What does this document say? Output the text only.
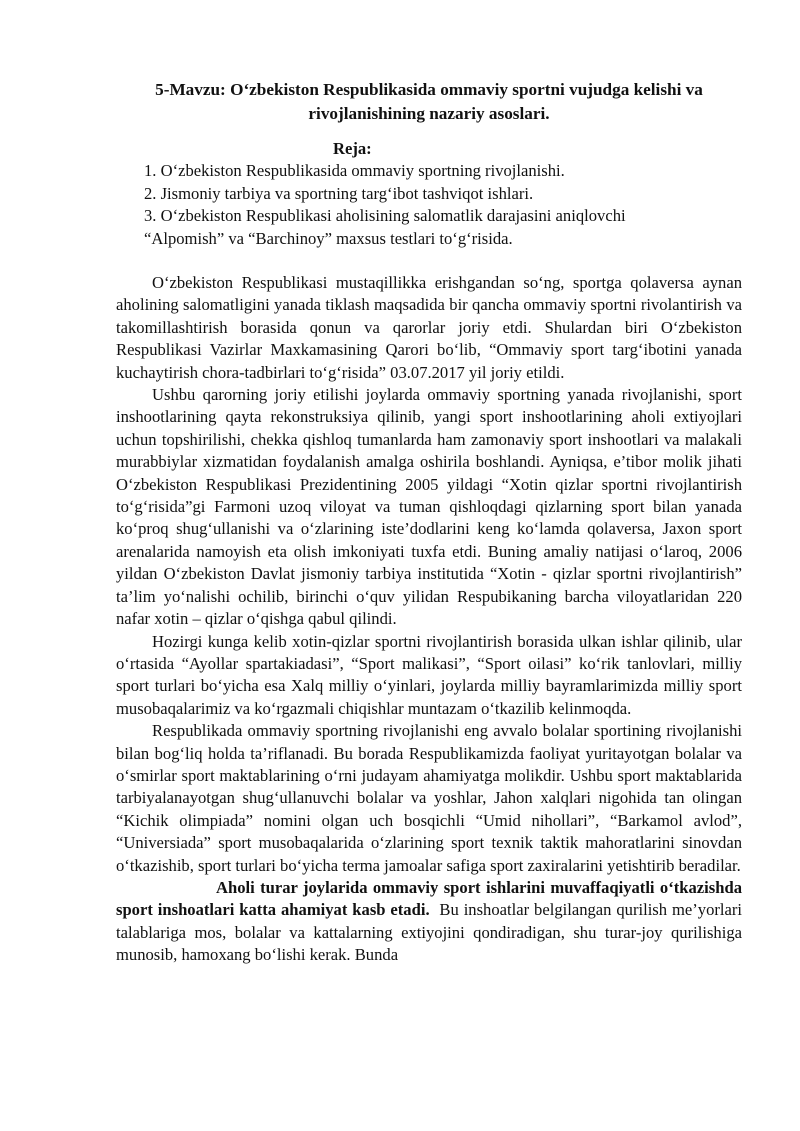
5-Mavzu: O‘zbekiston Respublikasida ommaviy sportni vujudga kelishi va rivojlanishining nazariy asoslari.
Reja:
1. O‘zbekiston Respublikasida ommaviy sportning rivojlanishi.
2. Jismoniy tarbiya va sportning targ‘ibot tashviqot ishlari.
3. O‘zbekiston Respublikasi aholisining salomatlik darajasini aniqlovchi
“Alpomish” va “Barchinoy” maxsus testlari to‘g‘risida.

O‘zbekiston Respublikasi mustaqillikka erishgandan so‘ng, sportga qolaversa aynan aholining salomatligini yanada tiklash maqsadida bir qancha ommaviy sportni rivolantirish va takomillashtirish borasida qonun va qarorlar joriy etdi. Shulardan biri O‘zbekiston Respublikasi Vazirlar Maxkamasining Qarori bo‘lib, “Ommaviy sport targ‘ibotini yanada kuchaytirish chora-tadbirlari to‘g‘risida” 03.07.2017 yil joriy etildi.

Ushbu qarorning joriy etilishi joylarda ommaviy sportning yanada rivojlanishi, sport inshootlarining qayta rekonstruksiya qilinib, yangi sport inshootlarining aholi extiyojlari uchun topshirilishi, chekka qishloq tumanlarda ham zamonaviy sport inshootlari va malakali murabbiylar xizmatidan foydalanish amalga oshirila boshlandi. Ayniqsa, e’tibor molik jihati O‘zbekiston Respublikasi Prezidentining 2005 yildagi “Xotin qizlar sportni rivojlantirish to‘g‘risida”gi Farmoni uzoq viloyat va tuman qishloqdagi qizlarning sport bilan yanada ko‘proq shug‘ullanishi va o‘zlarining iste’dodlarini keng ko‘lamda qolaversa, Jaxon sport arenalarida namoyish eta olish imkoniyati tuxfa etdi. Buning amaliy natijasi o‘laroq, 2006 yildan O‘zbekiston Davlat jismoniy tarbiya institutida “Xotin - qizlar sportni rivojlantirish” ta’lim yo‘nalishi ochilib, birinchi o‘quv yilidan Respubikaning barcha viloyatlaridan 220 nafar xotin – qizlar o‘qishga qabul qilindi.

Hozirgi kunga kelib xotin-qizlar sportni rivojlantirish borasida ulkan ishlar qilinib, ular o‘rtasida “Ayollar spartakiadasi”, “Sport malikasi”, “Sport oilasi” ko‘rik tanlovlari, milliy sport turlari bo‘yicha esa Xalq milliy o‘yinlari, joylarda milliy bayramlarimizda milliy sport musobaqalarimiz va ko‘rgazmali chiqishlar muntazam o‘tkazilib kelinmoqda.

Respublikada ommaviy sportning rivojlanishi eng avvalo bolalar sportining rivojlanishi bilan bog‘liq holda ta’riflanadi. Bu borada Respublikamizda faoliyat yuritayotgan bolalar va o‘smirlar sport maktablarining o‘rni judayam ahamiyatga molikdir. Ushbu sport maktablarida tarbiyalanayotgan shug‘ullanuvchi bolalar va yoshlar, Jahon xalqlari nigohida tan olingan “Kichik olimpiada” nomini olgan uch bosqichli “Umid nihollari”, “Barkamol avlod”, “Universiada” sport musobaqalarida o‘zlarining sport texnik taktik mahoratlarini sinovdan o‘tkazishib, sport turlari bo‘yicha terma jamoalar safiga sport zaxiralarini yetishtirib beradilar.

Aholi turar joylarida ommaviy sport ishlarini muvaffaqiyatli o‘tkazishda sport inshoatlari katta ahamiyat kasb etadi. Bu inshoatlar belgilangan qurilish me’yorlari talablariga mos, bolalar va kattalarning extiyojini qondiradigan, shu turar-joy qurilishiga munosib, hamoxang bo‘lishi kerak. Bunda
